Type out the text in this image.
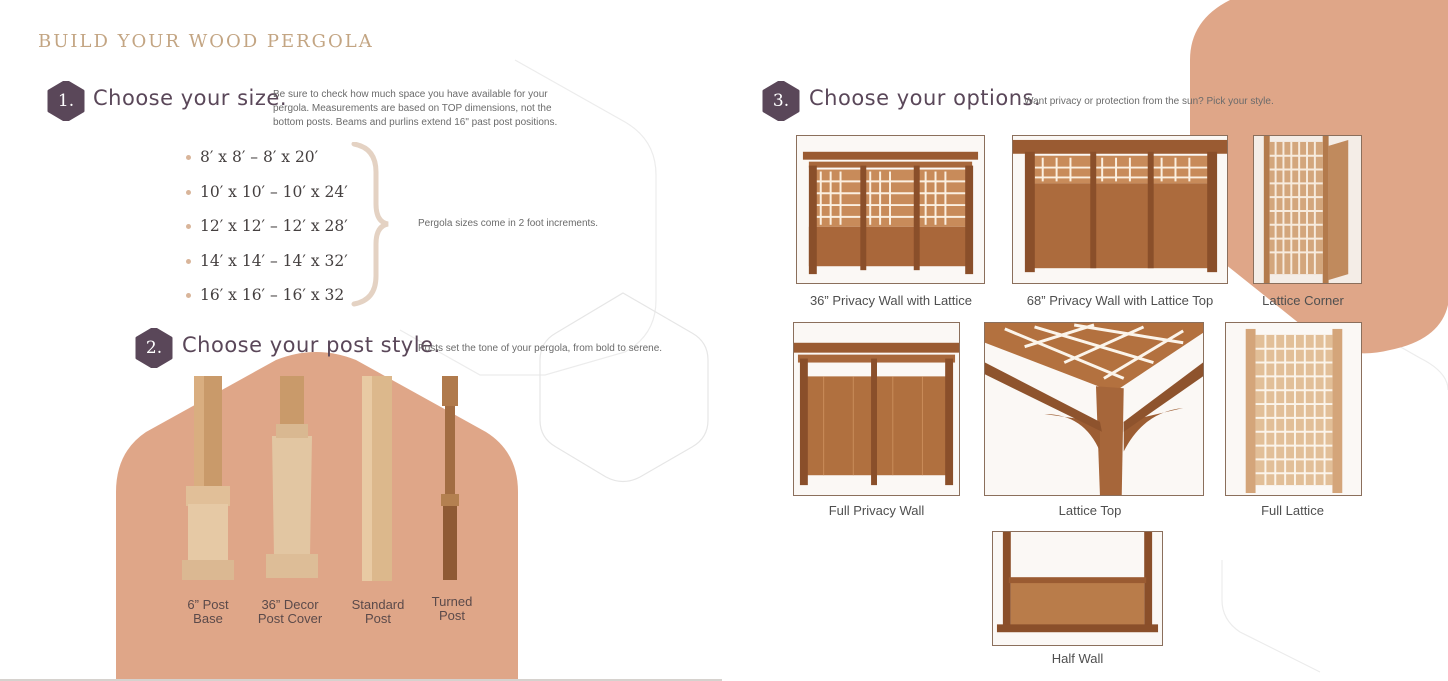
BUILD YOUR WOOD PERGOLA
1. Choose your size.
Be sure to check how much space you have available for your pergola. Measurements are based on TOP dimensions, not the bottom posts. Beams and purlins extend 16" past post positions.
8′ x 8′ – 8′ x 20′
10′ x 10′ – 10′ x 24′
12′ x 12′ – 12′ x 28′
14′ x 14′ – 14′ x 32′
16′ x 16′ – 16′ x 32
Pergola sizes come in 2 foot increments.
2. Choose your post style.
Posts set the tone of your pergola, from bold to serene.
6” Post
Base
36” Decor
Post Cover
Standard
Post
Turned
Post
3. Choose your options.
Want privacy or protection from the sun? Pick your style.
36” Privacy Wall with Lattice	68” Privacy Wall with Lattice Top	Lattice Corner
Full Privacy Wall	Lattice Top	Full Lattice
Half Wall
